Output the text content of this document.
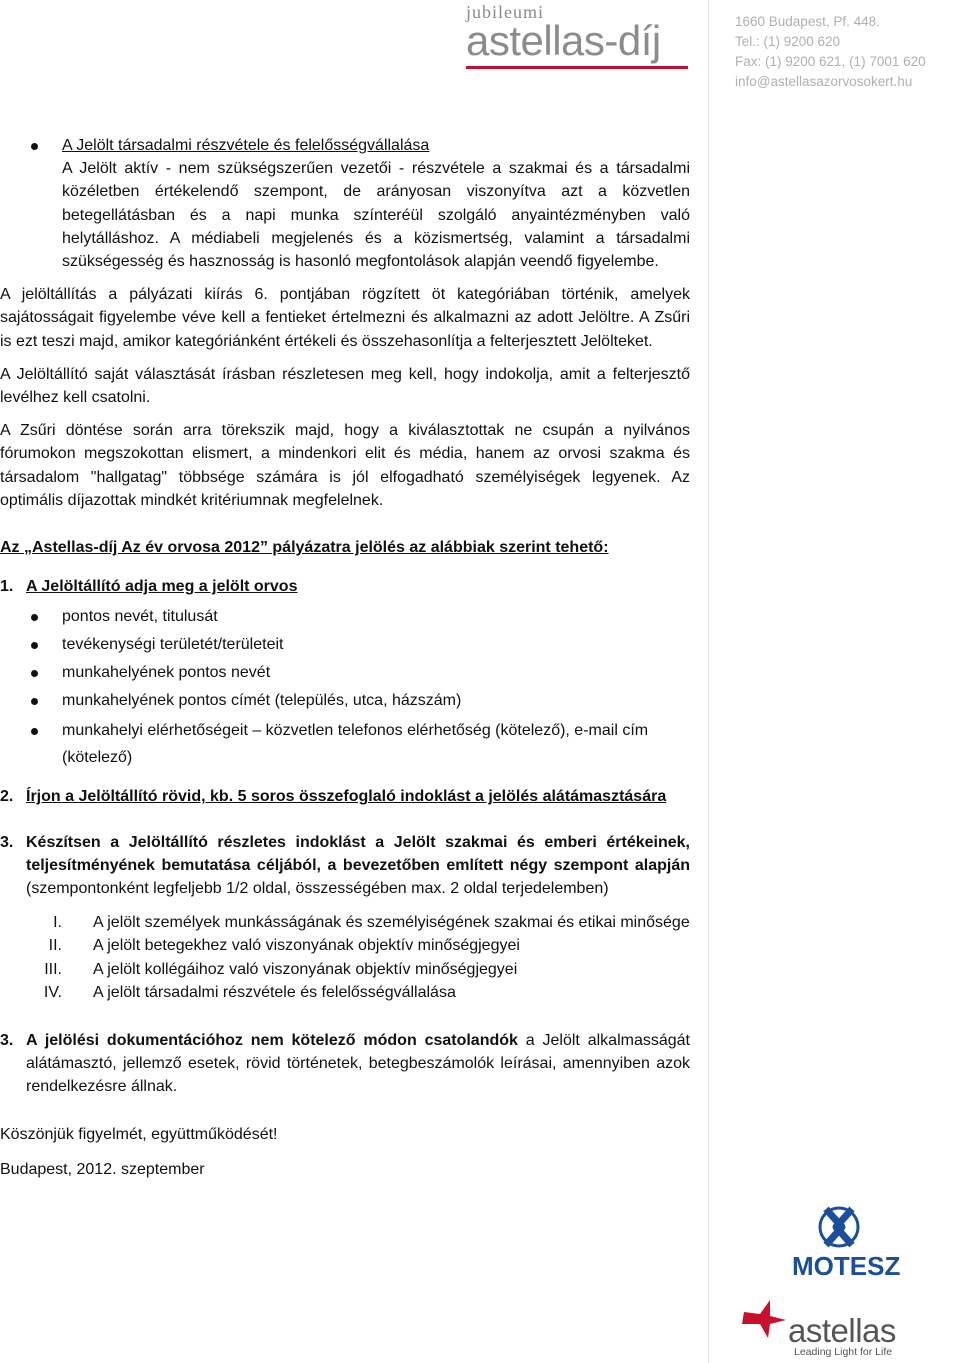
jubileumi
astellas-díj	1660 Budapest, Pf. 448.
Tel.: (1) 9200 620
Fax: (1) 9200 621, (1) 7001 620
info@astellasazorvosokert.hu

A Jelölt társadalmi részvétele és felelősségvállalása

A Jelölt aktív - nem szükségszerűen vezetői - részvétele a szakmai és a társadalmi közéletben értékelendő szempont, de arányosan viszonyítva azt a közvetlen betegellátásban és a napi munka színteréül szolgáló anyaintézményben való helytálláshoz. A médiabeli megjelenés és a közismertség, valamint a társadalmi szükségesség és hasznosság is hasonló megfontolások alapján veendő figyelembe.

A jelöltállítás a pályázati kiírás 6. pontjában rögzített öt kategóriában történik, amelyek sajátosságait figyelembe véve kell a fentieket értelmezni és alkalmazni az adott Jelöltre. A Zsűri is ezt teszi majd, amikor kategóriánként értékeli és összehasonlítja a felterjesztett Jelölteket.

A Jelöltállító saját választását írásban részletesen meg kell, hogy indokolja, amit a felterjesztő levélhez kell csatolni.

A Zsűri döntése során arra törekszik majd, hogy a kiválasztottak ne csupán a nyilvános fórumokon megszokottan elismert, a mindenkori elit és média, hanem az orvosi szakma és társadalom "hallgatag" többsége számára is jól elfogadható személyiségek legyenek. Az optimális díjazottak mindkét kritériumnak megfelelnek.

Az „Astellas-díj Az év orvosa 2012” pályázatra jelölés az alábbiak szerint tehető:

1. A Jelöltállító adja meg a jelölt orvos
pontos nevét, titulusát
tevékenységi területét/területeit
munkahelyének pontos nevét
munkahelyének pontos címét (település, utca, házszám)
munkahelyi elérhetőségeit – közvetlen telefonos elérhetőség (kötelező), e-mail cím (kötelező)
2. Írjon a Jelöltállító rövid, kb. 5 soros összefoglaló indoklást a jelölés alátámasztására
3. Készítsen a Jelöltállító részletes indoklást a Jelölt szakmai és emberi értékeinek, teljesítményének bemutatása céljából, a bevezetőben említett négy szempont alapján (szempontonként legfeljebb 1/2 oldal, összességében max. 2 oldal terjedelemben)
I. A jelölt személyek munkásságának és személyiségének szakmai és etikai minősége
II. A jelölt betegekhez való viszonyának objektív minőségjegyei
III. A jelölt kollégáihoz való viszonyának objektív minőségjegyei
IV. A jelölt társadalmi részvétele és felelősségvállalása
3. A jelölési dokumentációhoz nem kötelező módon csatolandók a Jelölt alkalmasságát alátámasztó, jellemző esetek, rövid történetek, betegbeszámolók leírásai, amennyiben azok rendelkezésre állnak.

Köszönjük figyelmét, együttműködését!

Budapest, 2012. szeptember

MOTESZ
astellas
Leading Light for Life
